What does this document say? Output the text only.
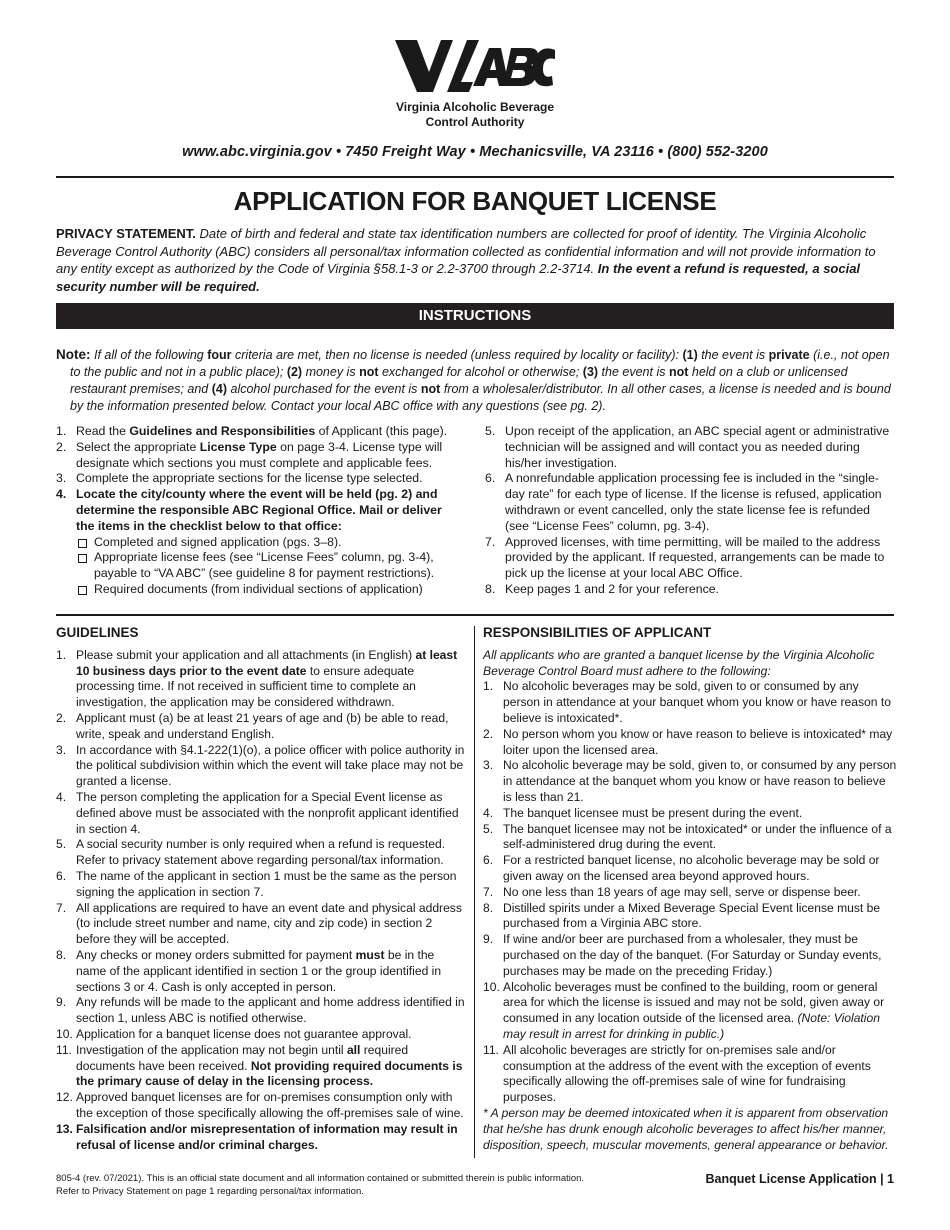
Virginia Alcoholic Beverage
Control Authority
www.abc.virginia.gov • 7450 Freight Way • Mechanicsville, VA 23116 • (800) 552-3200
APPLICATION FOR BANQUET LICENSE
PRIVACY STATEMENT. Date of birth and federal and state tax identification numbers are collected for proof of identity. The Virginia Alcoholic Beverage Control Authority (ABC) considers all personal/tax information collected as confidential information and will not provide information to any entity except as authorized by the Code of Virginia §58.1-3 or 2.2-3700 through 2.2-3714. In the event a refund is requested, a social security number will be required.
INSTRUCTIONS
Note: If all of the following four criteria are met, then no license is needed (unless required by locality or facility): (1) the event is private (i.e., not open to the public and not in a public place); (2) money is not exchanged for alcohol or otherwise; (3) the event is not held on a club or unlicensed restaurant premises; and (4) alcohol purchased for the event is not from a wholesaler/distributor. In all other cases, a license is needed and is bound by the information presented below. Contact your local ABC office with any questions (see pg. 2).
1. Read the Guidelines and Responsibilities of Applicant (this page).
2. Select the appropriate License Type on page 3-4. License type will designate which sections you must complete and applicable fees.
3. Complete the appropriate sections for the license type selected.
4. Locate the city/county where the event will be held (pg. 2) and determine the responsible ABC Regional Office. Mail or deliver the items in the checklist below to that office:
Completed and signed application (pgs. 3–8).
Appropriate license fees (see “License Fees” column, pg. 3-4), payable to “VA ABC” (see guideline 8 for payment restrictions).
Required documents (from individual sections of application)
5. Upon receipt of the application, an ABC special agent or administrative technician will be assigned and will contact you as needed during his/her investigation.
6. A nonrefundable application processing fee is included in the “single-day rate” for each type of license. If the license is refused, application withdrawn or event cancelled, only the state license fee is refunded (see “License Fees” column, pg. 3-4).
7. Approved licenses, with time permitting, will be mailed to the address provided by the applicant. If requested, arrangements can be made to pick up the license at your local ABC Office.
8. Keep pages 1 and 2 for your reference.
GUIDELINES
1. Please submit your application and all attachments (in English) at least 10 business days prior to the event date to ensure adequate processing time. If not received in sufficient time to complete an investigation, the application may be considered withdrawn.
2. Applicant must (a) be at least 21 years of age and (b) be able to read, write, speak and understand English.
3. In accordance with §4.1-222(1)(o), a police officer with police authority in the political subdivision within which the event will take place may not be granted a license.
4. The person completing the application for a Special Event license as defined above must be associated with the nonprofit applicant identified in section 4.
5. A social security number is only required when a refund is requested. Refer to privacy statement above regarding personal/tax information.
6. The name of the applicant in section 1 must be the same as the person signing the application in section 7.
7. All applications are required to have an event date and physical address (to include street number and name, city and zip code) in section 2 before they will be accepted.
8. Any checks or money orders submitted for payment must be in the name of the applicant identified in section 1 or the group identified in sections 3 or 4. Cash is only accepted in person.
9. Any refunds will be made to the applicant and home address identified in section 1, unless ABC is notified otherwise.
10. Application for a banquet license does not guarantee approval.
11. Investigation of the application may not begin until all required documents have been received. Not providing required documents is the primary cause of delay in the licensing process.
12. Approved banquet licenses are for on-premises consumption only with the exception of those specifically allowing the off-premises sale of wine.
13. Falsification and/or misrepresentation of information may result in refusal of license and/or criminal charges.
RESPONSIBILITIES OF APPLICANT
All applicants who are granted a banquet license by the Virginia Alcoholic Beverage Control Board must adhere to the following:
1. No alcoholic beverages may be sold, given to or consumed by any person in attendance at your banquet whom you know or have reason to believe is intoxicated*.
2. No person whom you know or have reason to believe is intoxicated* may loiter upon the licensed area.
3. No alcoholic beverage may be sold, given to, or consumed by any person in attendance at the banquet whom you know or have reason to believe is less than 21.
4. The banquet licensee must be present during the event.
5. The banquet licensee may not be intoxicated* or under the influence of a self-administered drug during the event.
6. For a restricted banquet license, no alcoholic beverage may be sold or given away on the licensed area beyond approved hours.
7. No one less than 18 years of age may sell, serve or dispense beer.
8. Distilled spirits under a Mixed Beverage Special Event license must be purchased from a Virginia ABC store.
9. If wine and/or beer are purchased from a wholesaler, they must be purchased on the day of the banquet. (For Saturday or Sunday events, purchases may be made on the preceding Friday.)
10. Alcoholic beverages must be confined to the building, room or general area for which the license is issued and may not be sold, given away or consumed in any location outside of the licensed area. (Note: Violation may result in arrest for drinking in public.)
11. All alcoholic beverages are strictly for on-premises sale and/or consumption at the address of the event with the exception of events specifically allowing the off-premises sale of wine for fundraising purposes.
* A person may be deemed intoxicated when it is apparent from observation that he/she has drunk enough alcoholic beverages to affect his/her manner, disposition, speech, muscular movements, general appearance or behavior.
805-4 (rev. 07/2021). This is an official state document and all information contained or submitted therein is public information.
Refer to Privacy Statement on page 1 regarding personal/tax information.
Banquet License Application | 1
